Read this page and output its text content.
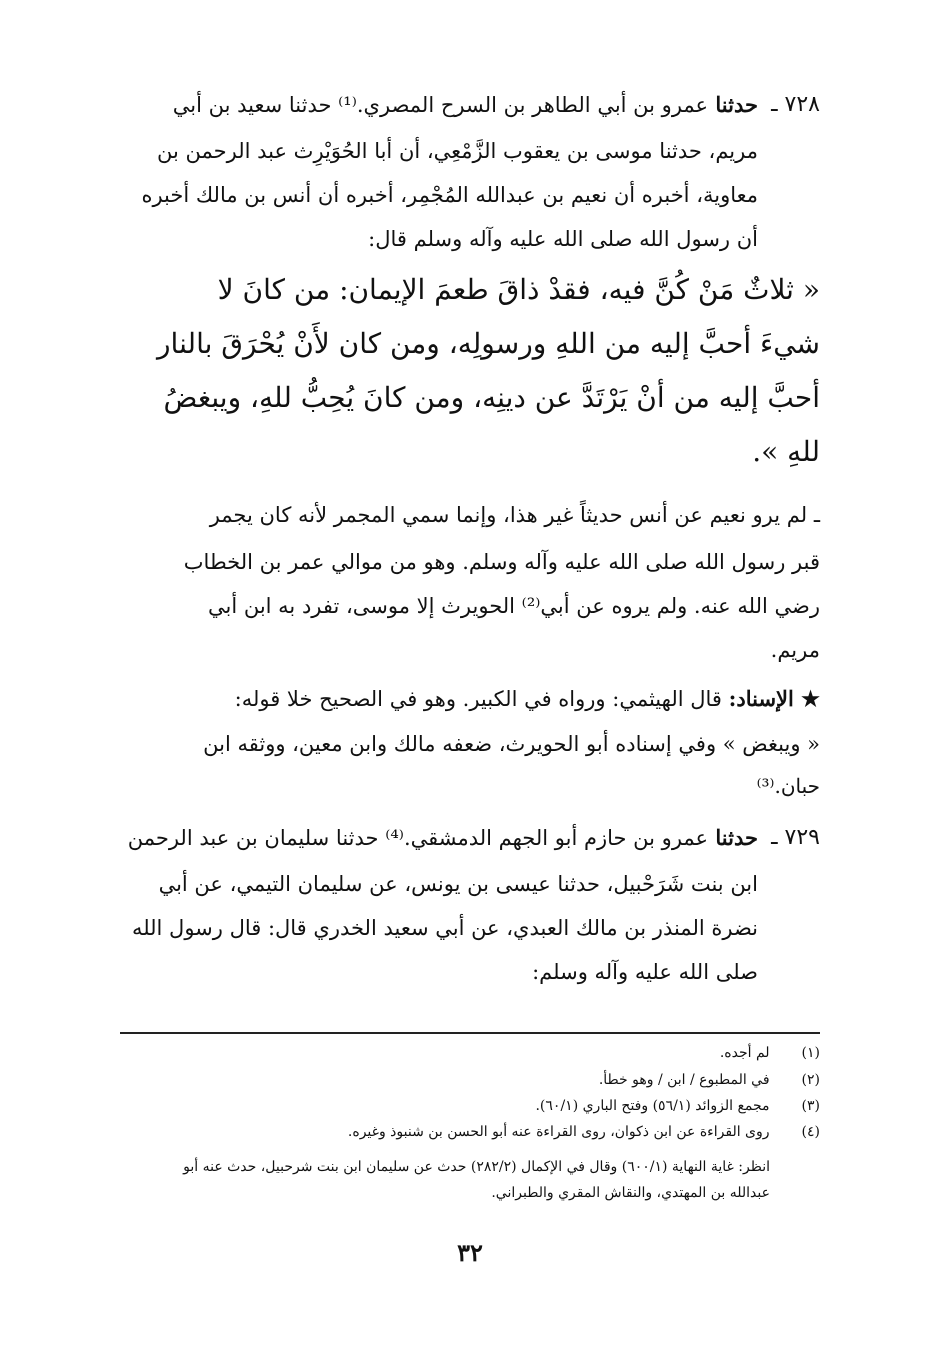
٧٢٨ ـ
حدثنا عمرو بن أبي الطاهر بن السرح المصري.⁽¹⁾ حدثنا سعيد بن أبي
مريم، حدثنا موسى بن يعقوب الزَّمْعِي، أن أبا الحُوَيْرِث عبد الرحمن بن
معاوية، أخبره أن نعيم بن عبدالله المُجْمِر، أخبره أن أنس بن مالك أخبره
أن رسول الله صلى الله عليه وآله وسلم قال:
« ثلاثٌ مَنْ كُنَّ فيه، فقدْ ذاقَ طعمَ الإيمان: من كانَ لا
شيءَ أحبَّ إليه من اللهِ ورسولِه، ومن كان لأَنْ يُحْرَقَ بالنار
أحبَّ إليه من أنْ يَرْتَدَّ عن دينِه، ومن كانَ يُحِبُّ للهِ، ويبغضُ
للهِ ».
ـ لم يرو نعيم عن أنس حديثاً غير هذا، وإنما سمي المجمر لأنه كان يجمر
قبر رسول الله صلى الله عليه وآله وسلم. وهو من موالي عمر بن الخطاب
رضي الله عنه. ولم يروه عن أبي⁽²⁾ الحويرث إلا موسى، تفرد به ابن أبي
مريم.
★ الإسناد: قال الهيثمي: ورواه في الكبير. وهو في الصحيح خلا قوله:
« ويبغض » وفي إسناده أبو الحويرث، ضعفه مالك وابن معين، ووثقه ابن
حبان.⁽³⁾
٧٢٩ ـ
حدثنا عمرو بن حازم أبو الجهم الدمشقي.⁽⁴⁾ حدثنا سليمان بن عبد الرحمن
ابن بنت شَرَحْبيل، حدثنا عيسى بن يونس، عن سليمان التيمي، عن أبي
نضرة المنذر بن مالك العبدي، عن أبي سعيد الخدري قال: قال رسول الله
صلى الله عليه وآله وسلم:
(١) لم أجده.
(٢) في المطبوع / ابن / وهو خطأ.
(٣) مجمع الزوائد (٥٦/١) وفتح الباري (٦٠/١).
(٤) روى القراءة عن ابن ذكوان، روى القراءة عنه أبو الحسن بن شنبوذ وغيره.
انظر: غاية النهاية (٦٠٠/١) وقال في الإكمال (٢٨٢/٢) حدث عن سليمان ابن بنت شرحبيل، حدث عنه أبو
عبدالله بن المهتدي، والنقاش المقري والطبراني.
٣٢
